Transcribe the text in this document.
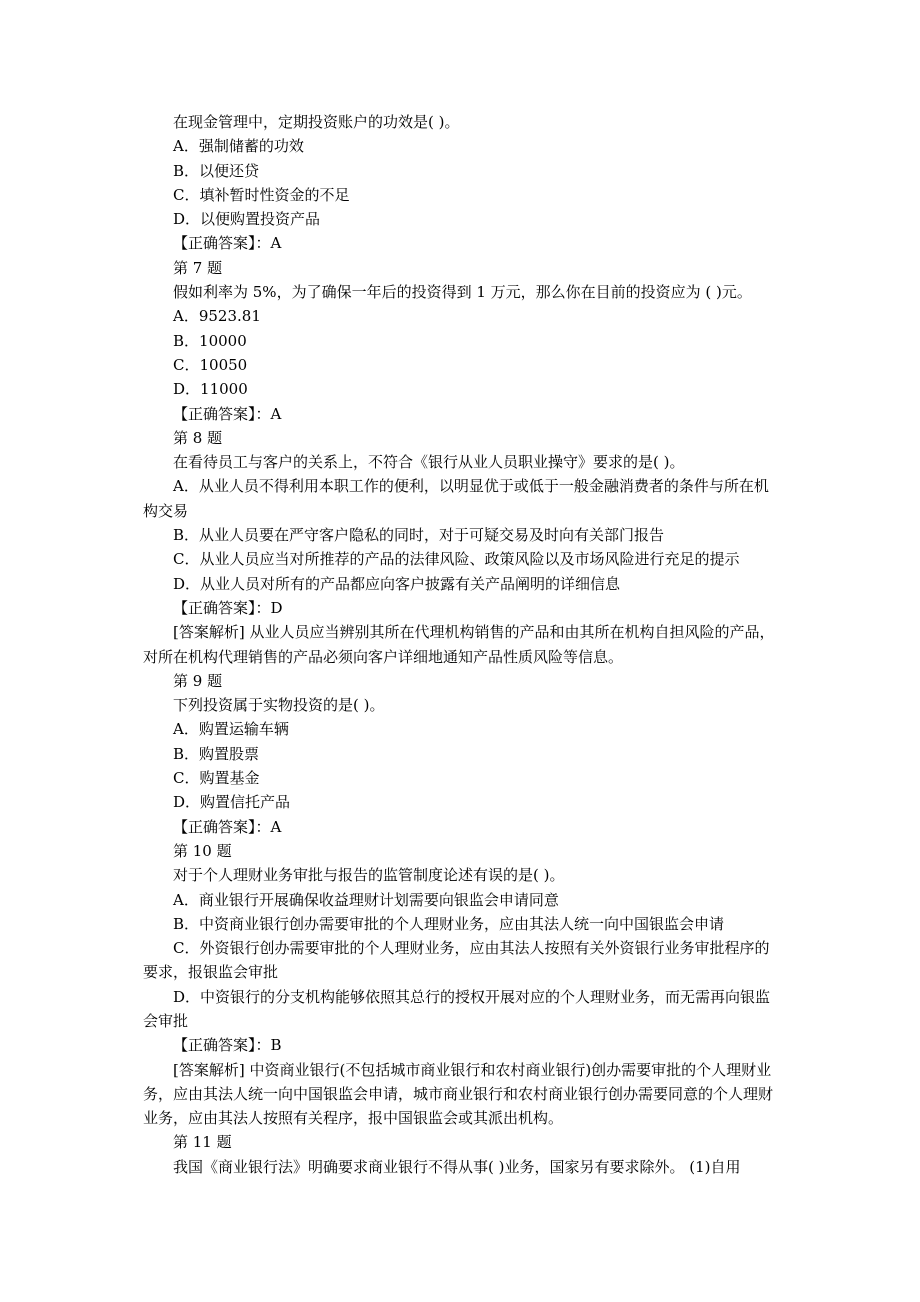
在现金管理中，定期投资账户的功效是( )。

A．强制储蓄的功效

B．以便还贷

C．填补暂时性资金的不足

D．以便购置投资产品

【正确答案】：A

第 7 题

假如利率为 5%，为了确保一年后的投资得到 1 万元，那么你在目前的投资应为 ( )元。

A．9523.81

B．10000

C．10050

D．11000

【正确答案】：A

第 8 题

在看待员工与客户的关系上，不符合《银行从业人员职业操守》要求的是( )。

A．从业人员不得利用本职工作的便利，以明显优于或低于一般金融消费者的条件与所在机构交易

B．从业人员要在严守客户隐私的同时，对于可疑交易及时向有关部门报告

C．从业人员应当对所推荐的产品的法律风险、政策风险以及市场风险进行充足的提示

D．从业人员对所有的产品都应向客户披露有关产品阐明的详细信息

【正确答案】：D

[答案解析] 从业人员应当辨别其所在代理机构销售的产品和由其所在机构自担风险的产品，对所在机构代理销售的产品必须向客户详细地通知产品性质风险等信息。

第 9 题

下列投资属于实物投资的是( )。

A．购置运输车辆

B．购置股票

C．购置基金

D．购置信托产品

【正确答案】：A

第 10 题

对于个人理财业务审批与报告的监管制度论述有误的是( )。

A．商业银行开展确保收益理财计划需要向银监会申请同意

B．中资商业银行创办需要审批的个人理财业务，应由其法人统一向中国银监会申请

C．外资银行创办需要审批的个人理财业务，应由其法人按照有关外资银行业务审批程序的要求，报银监会审批

D．中资银行的分支机构能够依照其总行的授权开展对应的个人理财业务，而无需再向银监会审批

【正确答案】：B

[答案解析] 中资商业银行(不包括城市商业银行和农村商业银行)创办需要审批的个人理财业务，应由其法人统一向中国银监会申请，城市商业银行和农村商业银行创办需要同意的个人理财业务，应由其法人按照有关程序，报中国银监会或其派出机构。

第 11 题

我国《商业银行法》明确要求商业银行不得从事( )业务，国家另有要求除外。 (1)自用
